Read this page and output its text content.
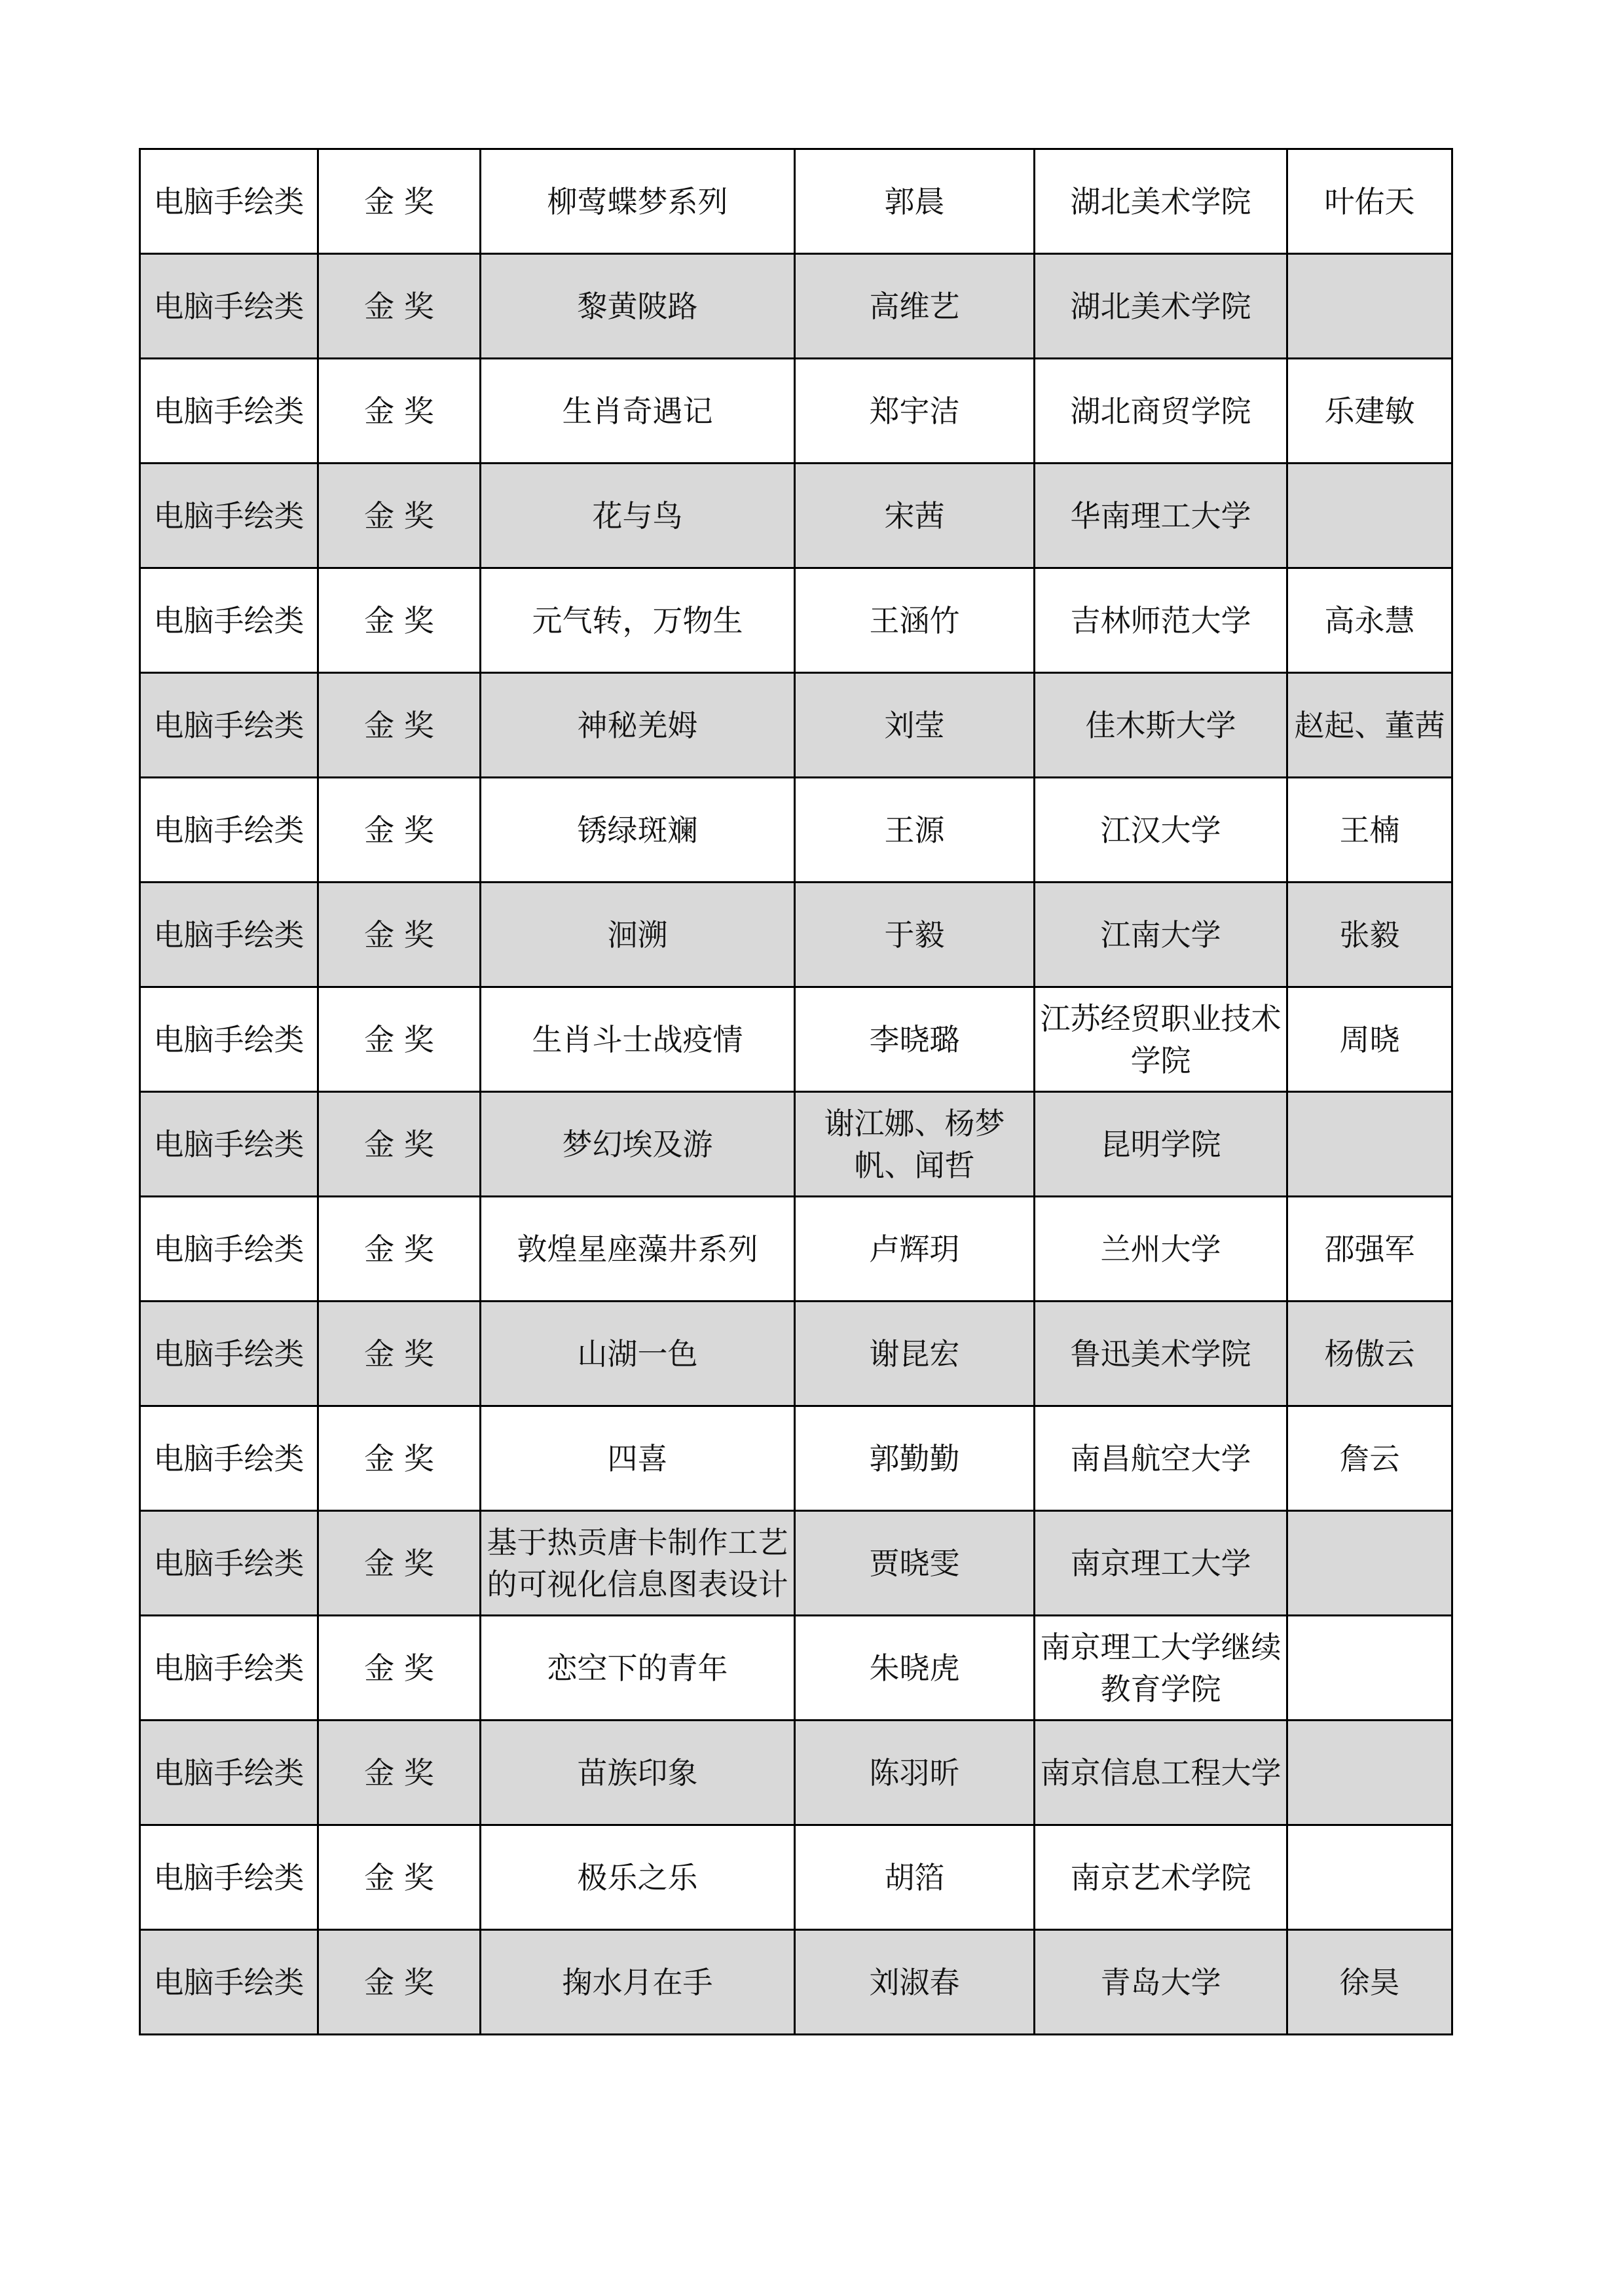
电脑手绘类	金 奖	柳莺蝶梦系列	郭晨	湖北美术学院	叶佑天

电脑手绘类	金 奖	黎黄陂路	高维艺	湖北美术学院	

电脑手绘类	金 奖	生肖奇遇记	郑宇洁	湖北商贸学院	乐建敏

电脑手绘类	金 奖	花与鸟	宋茜	华南理工大学	

电脑手绘类	金 奖	元气转，万物生	王涵竹	吉林师范大学	高永慧

电脑手绘类	金 奖	神秘羌姆	刘莹	佳木斯大学	赵起、董茜

电脑手绘类	金 奖	锈绿斑斓	王源	江汉大学	王楠

电脑手绘类	金 奖	洄溯	于毅	江南大学	张毅

电脑手绘类	金 奖	生肖斗士战疫情	李晓璐	江苏经贸职业技术学院	周晓

电脑手绘类	金 奖	梦幻埃及游	谢江娜、杨梦帆、闻哲	昆明学院	

电脑手绘类	金 奖	敦煌星座藻井系列	卢辉玥	兰州大学	邵强军

电脑手绘类	金 奖	山湖一色	谢昆宏	鲁迅美术学院	杨傲云

电脑手绘类	金 奖	四喜	郭勤勤	南昌航空大学	詹云

电脑手绘类	金 奖	基于热贡唐卡制作工艺的可视化信息图表设计	贾晓雯	南京理工大学	

电脑手绘类	金 奖	恋空下的青年	朱晓虎	南京理工大学继续教育学院	

电脑手绘类	金 奖	苗族印象	陈羽昕	南京信息工程大学	

电脑手绘类	金 奖	极乐之乐	胡箔	南京艺术学院	

电脑手绘类	金 奖	掬水月在手	刘淑春	青岛大学	徐昊
